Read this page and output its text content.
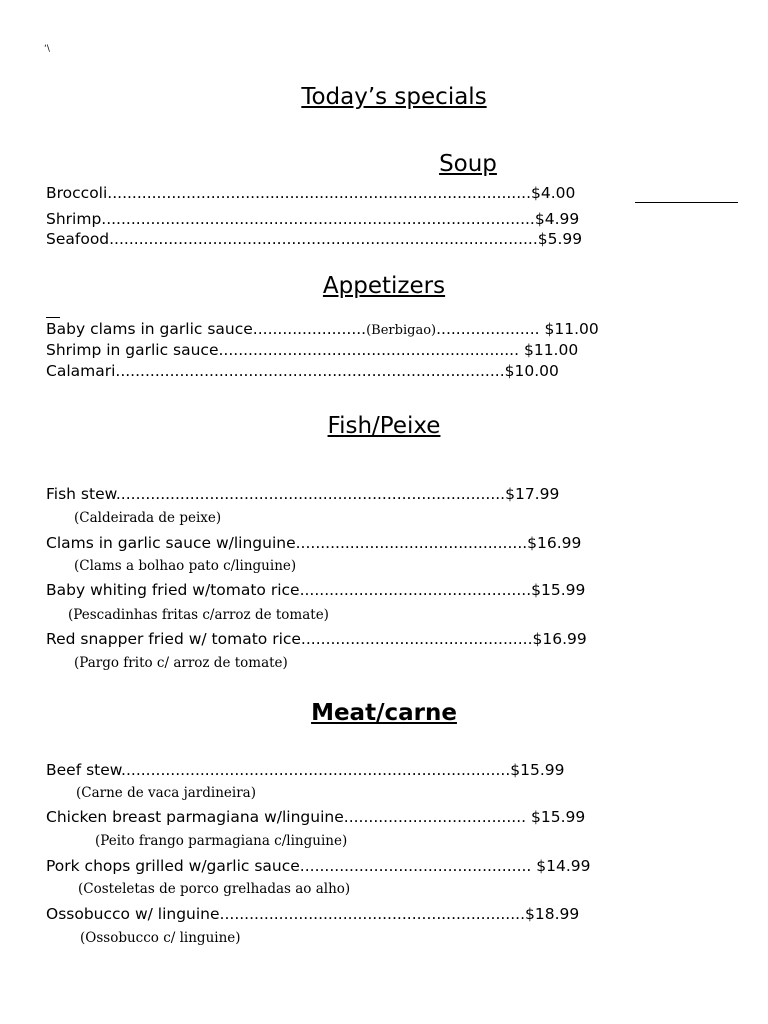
‘\
Today’s specials
Soup
Broccoli......................................................................................$4.00
Shrimp........................................................................................$4.99
Seafood.......................................................................................$5.99
Appetizers
Baby clams in garlic sauce.......................(Berbigao)..................... $11.00
Shrimp in garlic sauce............................................................. $11.00
Calamari...............................................................................$10.00
Fish/Peixe
Fish stew...............................................................................$17.99
(Caldeirada de peixe)
Clams in garlic sauce w/linguine...............................................$16.99
(Clams a bolhao pato c/linguine)
Baby whiting fried w/tomato rice...............................................$15.99
(Pescadinhas fritas c/arroz de tomate)
Red snapper fried w/ tomato rice...............................................$16.99
(Pargo frito c/ arroz de tomate)
Meat/carne
Beef stew...............................................................................$15.99
(Carne de vaca jardineira)
Chicken breast parmagiana w/linguine..................................... $15.99
(Peito frango parmagiana c/linguine)
Pork chops grilled w/garlic sauce............................................... $14.99
(Costeletas de porco grelhadas ao alho)
Ossobucco w/ linguine..............................................................$18.99
(Ossobucco c/ linguine)
